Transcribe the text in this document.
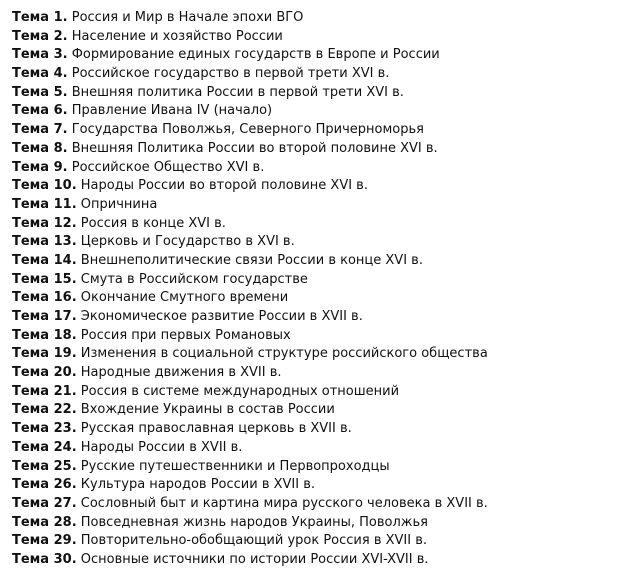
Тема 1. Россия и Мир в Начале эпохи ВГО
Тема 2. Население и хозяйство России
Тема 3. Формирование единых государств в Европе и России
Тема 4. Российское государство в первой трети XVI в.
Тема 5. Внешняя политика России в первой трети XVI в.
Тема 6. Правление Ивана IV (начало)
Тема 7. Государства Поволжья, Северного Причерноморья
Тема 8. Внешняя Политика России во второй половине XVI в.
Тема 9. Российское Общество XVI в.
Тема 10. Народы России во второй половине XVI в.
Тема 11. Опричнина
Тема 12. Россия в конце XVI в.
Тема 13. Церковь и Государство в XVI в.
Тема 14. Внешнеполитические связи России в конце XVI в.
Тема 15. Смута в Российском государстве
Тема 16. Окончание Смутного времени
Тема 17. Экономическое развитие России в XVII в.
Тема 18. Россия при первых Романовых
Тема 19. Изменения в социальной структуре российского общества
Тема 20. Народные движения в XVII в.
Тема 21. Россия в системе международных отношений
Тема 22. Вхождение Украины в состав России
Тема 23. Русская православная церковь в XVII в.
Тема 24. Народы России в XVII в.
Тема 25. Русские путешественники и Первопроходцы
Тема 26. Культура народов России в XVII в.
Тема 27. Сословный быт и картина мира русского человека в XVII в.
Тема 28. Повседневная жизнь народов Украины, Поволжья
Тема 29. Повторительно-обобщающий урок Россия в XVII в.
Тема 30. Основные источники по истории России XVI-XVII в.
